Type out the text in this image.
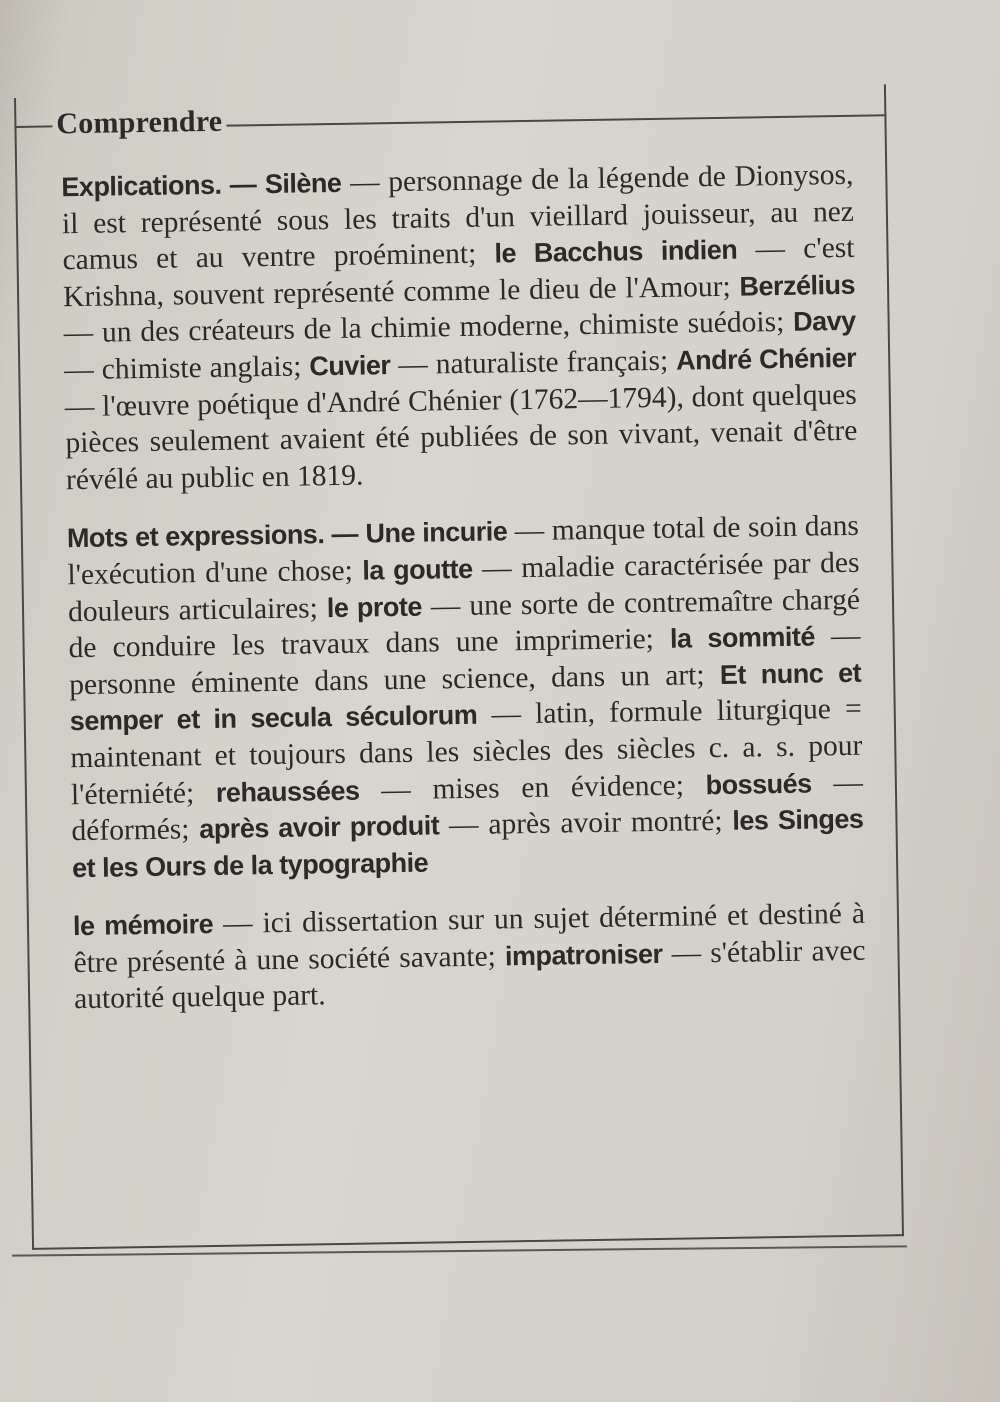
Comprendre

Explications. — Silène — personnage de la légende de Dionysos, il est représenté sous les traits d'un vieillard jouisseur, au nez camus et au ventre proéminent; le Bacchus indien — c'est Krishna, souvent représenté comme le dieu de l'Amour; Berzélius — un des créateurs de la chimie moderne, chimiste suédois; Davy — chimiste anglais; Cuvier — naturaliste français; André Chénier — l'œuvre poétique d'André Chénier (1762—1794), dont quelques pièces seulement avaient été publiées de son vivant, venait d'être révélé au public en 1819.

Mots et expressions. — Une incurie — manque total de soin dans l'exécution d'une chose; la goutte — maladie caractérisée par des douleurs articulaires; le prote — une sorte de contremaître chargé de conduire les travaux dans une imprimerie; la sommité — personne éminente dans une science, dans un art; Et nunc et semper et in secula séculorum — latin, formule liturgique = maintenant et toujours dans les siècles des siècles c. a. s. pour l'éterniété; rehaussées — mises en évidence; bossués — déformés; après avoir produit — après avoir montré; les Singes et les Ours de la typographie

le mémoire — ici dissertation sur un sujet déterminé et destiné à être présenté à une société savante; impatroniser — s'établir avec autorité quelque part.
